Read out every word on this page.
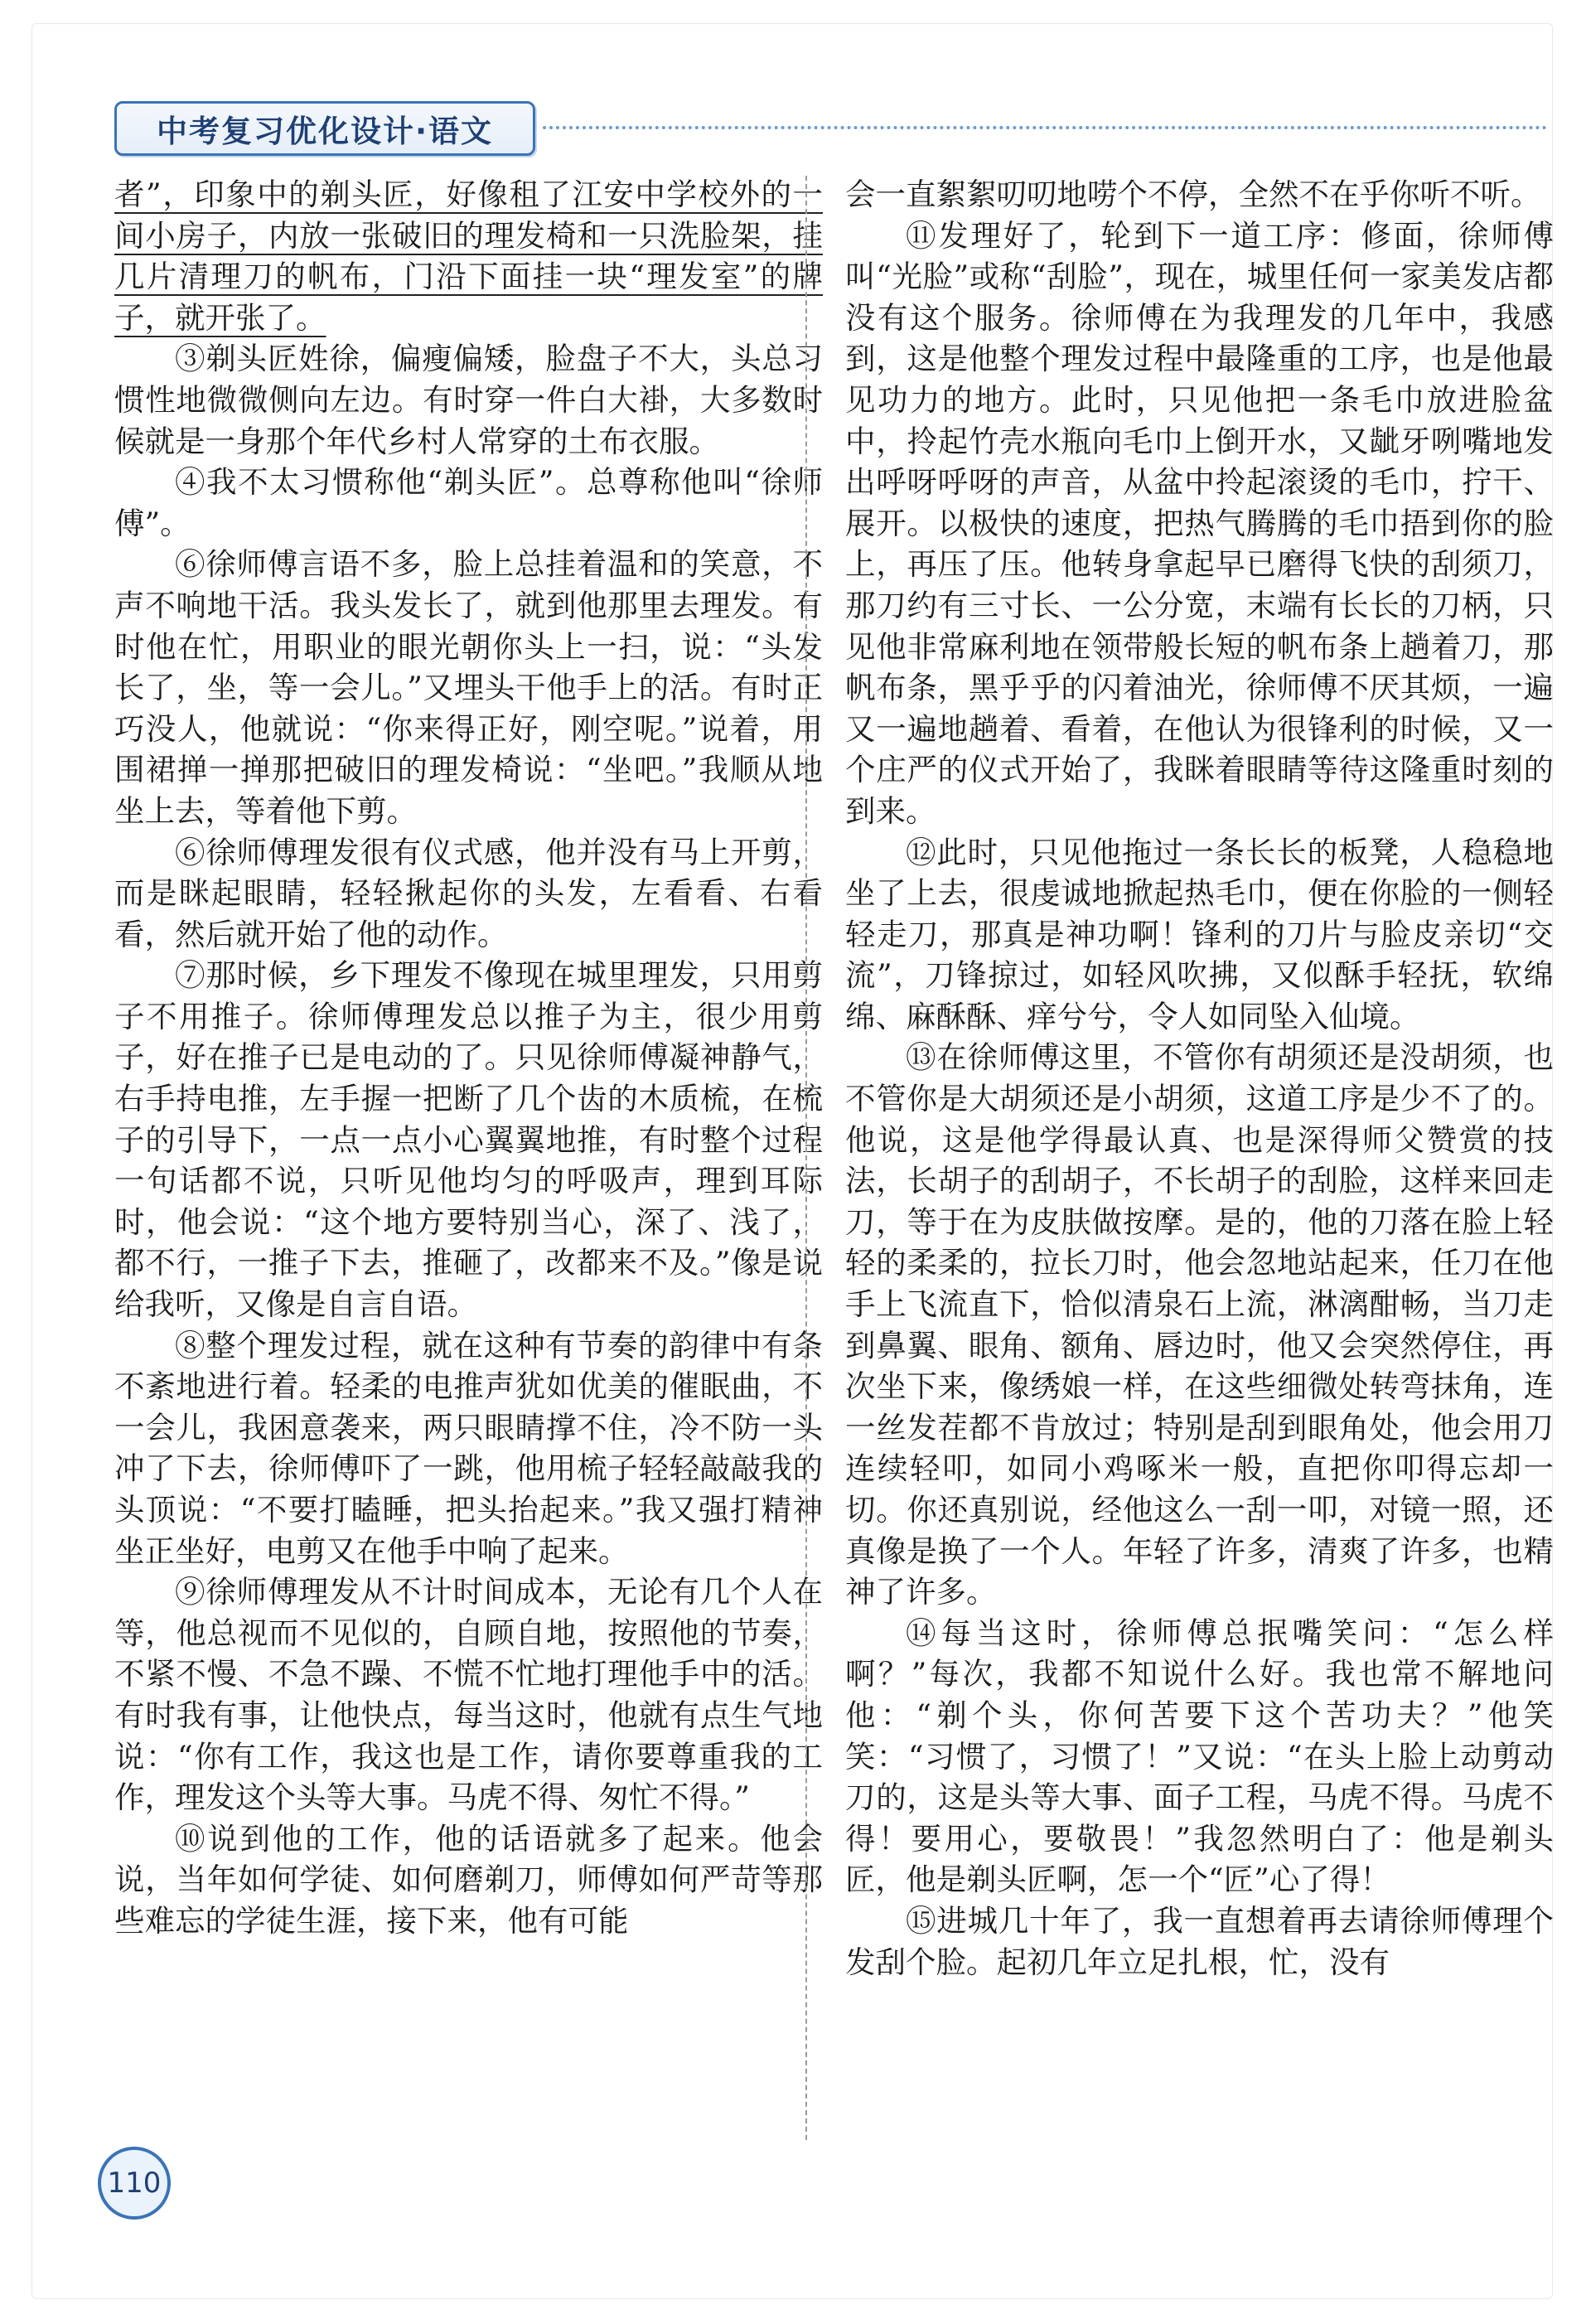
中考复习优化设计·语文

者”，印象中的剃头匠，好像租了江安中学校外的一间小房子，内放一张破旧的理发椅和一只洗脸架，挂几片清理刀的帆布，门沿下面挂一块“理发室”的牌子，就开张了。

③剃头匠姓徐，偏瘦偏矮，脸盘子不大，头总习惯性地微微侧向左边。有时穿一件白大褂，大多数时候就是一身那个年代乡村人常穿的土布衣服。

④我不太习惯称他“剃头匠”。总尊称他叫“徐师傅”。

⑥徐师傅言语不多，脸上总挂着温和的笑意，不声不响地干活。我头发长了，就到他那里去理发。有时他在忙，用职业的眼光朝你头上一扫，说：“头发长了，坐，等一会儿。”又埋头干他手上的活。有时正巧没人，他就说：“你来得正好，刚空呢。”说着，用围裙掸一掸那把破旧的理发椅说：“坐吧。”我顺从地坐上去，等着他下剪。

⑥徐师傅理发很有仪式感，他并没有马上开剪，而是眯起眼睛，轻轻揪起你的头发，左看看、右看看，然后就开始了他的动作。

⑦那时候，乡下理发不像现在城里理发，只用剪子不用推子。徐师傅理发总以推子为主，很少用剪子，好在推子已是电动的了。只见徐师傅凝神静气，右手持电推，左手握一把断了几个齿的木质梳，在梳子的引导下，一点一点小心翼翼地推，有时整个过程一句话都不说，只听见他均匀的呼吸声，理到耳际时，他会说：“这个地方要特别当心，深了、浅了，都不行，一推子下去，推砸了，改都来不及。”像是说给我听，又像是自言自语。

⑧整个理发过程，就在这种有节奏的韵律中有条不紊地进行着。轻柔的电推声犹如优美的催眠曲，不一会儿，我困意袭来，两只眼睛撑不住，冷不防一头冲了下去，徐师傅吓了一跳，他用梳子轻轻敲敲我的头顶说：“不要打瞌睡，把头抬起来。”我又强打精神坐正坐好，电剪又在他手中响了起来。

⑨徐师傅理发从不计时间成本，无论有几个人在等，他总视而不见似的，自顾自地，按照他的节奏，不紧不慢、不急不躁、不慌不忙地打理他手中的活。有时我有事，让他快点，每当这时，他就有点生气地说：“你有工作，我这也是工作，请你要尊重我的工作，理发这个头等大事。马虎不得、匆忙不得。”

⑩说到他的工作，他的话语就多了起来。他会说，当年如何学徒、如何磨剃刀，师傅如何严苛等那些难忘的学徒生涯，接下来，他有可能

会一直絮絮叨叨地唠个不停，全然不在乎你听不听。

⑪发理好了，轮到下一道工序：修面，徐师傅叫“光脸”或称“刮脸”，现在，城里任何一家美发店都没有这个服务。徐师傅在为我理发的几年中，我感到，这是他整个理发过程中最隆重的工序，也是他最见功力的地方。此时，只见他把一条毛巾放进脸盆中，拎起竹壳水瓶向毛巾上倒开水，又龇牙咧嘴地发出呼呀呼呀的声音，从盆中拎起滚烫的毛巾，拧干、展开。以极快的速度，把热气腾腾的毛巾捂到你的脸上，再压了压。他转身拿起早已磨得飞快的刮须刀，那刀约有三寸长、一公分宽，末端有长长的刀柄，只见他非常麻利地在领带般长短的帆布条上趟着刀，那帆布条，黑乎乎的闪着油光，徐师傅不厌其烦，一遍又一遍地趟着、看着，在他认为很锋利的时候，又一个庄严的仪式开始了，我眯着眼睛等待这隆重时刻的到来。

⑫此时，只见他拖过一条长长的板凳，人稳稳地坐了上去，很虔诚地掀起热毛巾，便在你脸的一侧轻轻走刀，那真是神功啊！锋利的刀片与脸皮亲切“交流”，刀锋掠过，如轻风吹拂，又似酥手轻抚，软绵绵、麻酥酥、痒兮兮，令人如同坠入仙境。

⑬在徐师傅这里，不管你有胡须还是没胡须，也不管你是大胡须还是小胡须，这道工序是少不了的。他说，这是他学得最认真、也是深得师父赞赏的技法，长胡子的刮胡子，不长胡子的刮脸，这样来回走刀，等于在为皮肤做按摩。是的，他的刀落在脸上轻轻的柔柔的，拉长刀时，他会忽地站起来，任刀在他手上飞流直下，恰似清泉石上流，淋漓酣畅，当刀走到鼻翼、眼角、额角、唇边时，他又会突然停住，再次坐下来，像绣娘一样，在这些细微处转弯抹角，连一丝发茬都不肯放过；特别是刮到眼角处，他会用刀连续轻叩，如同小鸡啄米一般，直把你叩得忘却一切。你还真别说，经他这么一刮一叩，对镜一照，还真像是换了一个人。年轻了许多，清爽了许多，也精神了许多。

⑭每当这时，徐师傅总抿嘴笑问：“怎么样啊？”每次，我都不知说什么好。我也常不解地问他：“剃个头，你何苦要下这个苦功夫？”他笑笑：“习惯了，习惯了！”又说：“在头上脸上动剪动刀的，这是头等大事、面子工程，马虎不得。马虎不得！要用心，要敬畏！”我忽然明白了：他是剃头匠，他是剃头匠啊，怎一个“匠”心了得！

⑮进城几十年了，我一直想着再去请徐师傅理个发刮个脸。起初几年立足扎根，忙，没有

110
